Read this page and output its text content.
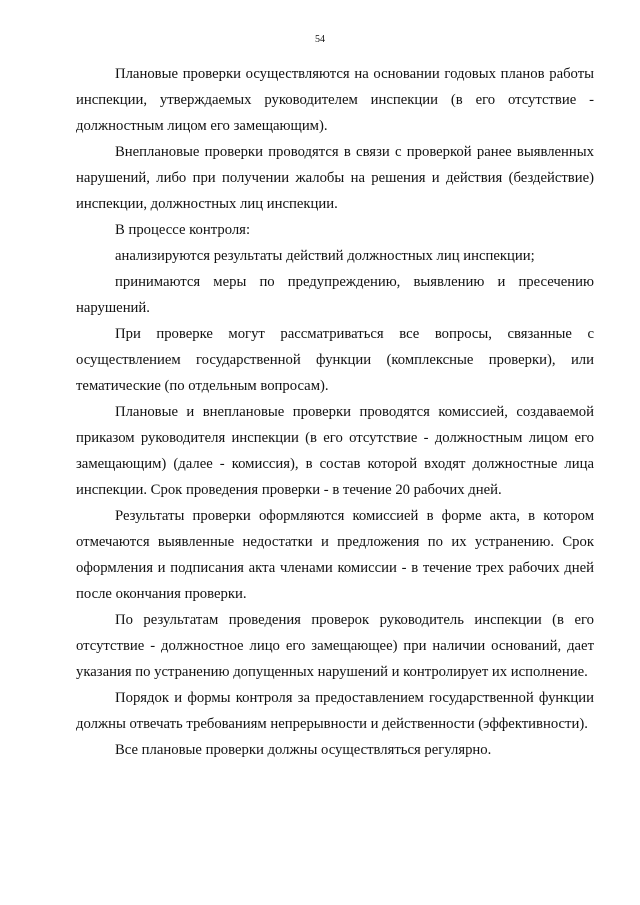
54

Плановые проверки осуществляются на основании годовых планов работы инспекции, утверждаемых руководителем инспекции (в его отсутствие - должностным лицом его замещающим).

Внеплановые проверки проводятся в связи с проверкой ранее выявленных нарушений, либо при получении жалобы на решения и действия (бездействие) инспекции, должностных лиц инспекции.

В процессе контроля:

анализируются результаты действий должностных лиц инспекции;

принимаются меры по предупреждению, выявлению и пресечению нарушений.

При проверке могут рассматриваться все вопросы, связанные с осуществлением государственной функции (комплексные проверки), или тематические (по отдельным вопросам).

Плановые и внеплановые проверки проводятся комиссией, создаваемой приказом руководителя инспекции (в его отсутствие - должностным лицом его замещающим) (далее - комиссия), в состав которой входят должностные лица инспекции. Срок проведения проверки - в течение 20 рабочих дней.

Результаты проверки оформляются комиссией в форме акта, в котором отмечаются выявленные недостатки и предложения по их устранению. Срок оформления и подписания акта членами комиссии - в течение трех рабочих дней после окончания проверки.

По результатам проведения проверок руководитель инспекции (в его отсутствие - должностное лицо его замещающее) при наличии оснований, дает указания по устранению допущенных нарушений и контролирует их исполнение.

Порядок и формы контроля за предоставлением государственной функции должны отвечать требованиям непрерывности и действенности (эффективности).

Все плановые проверки должны осуществляться регулярно.
